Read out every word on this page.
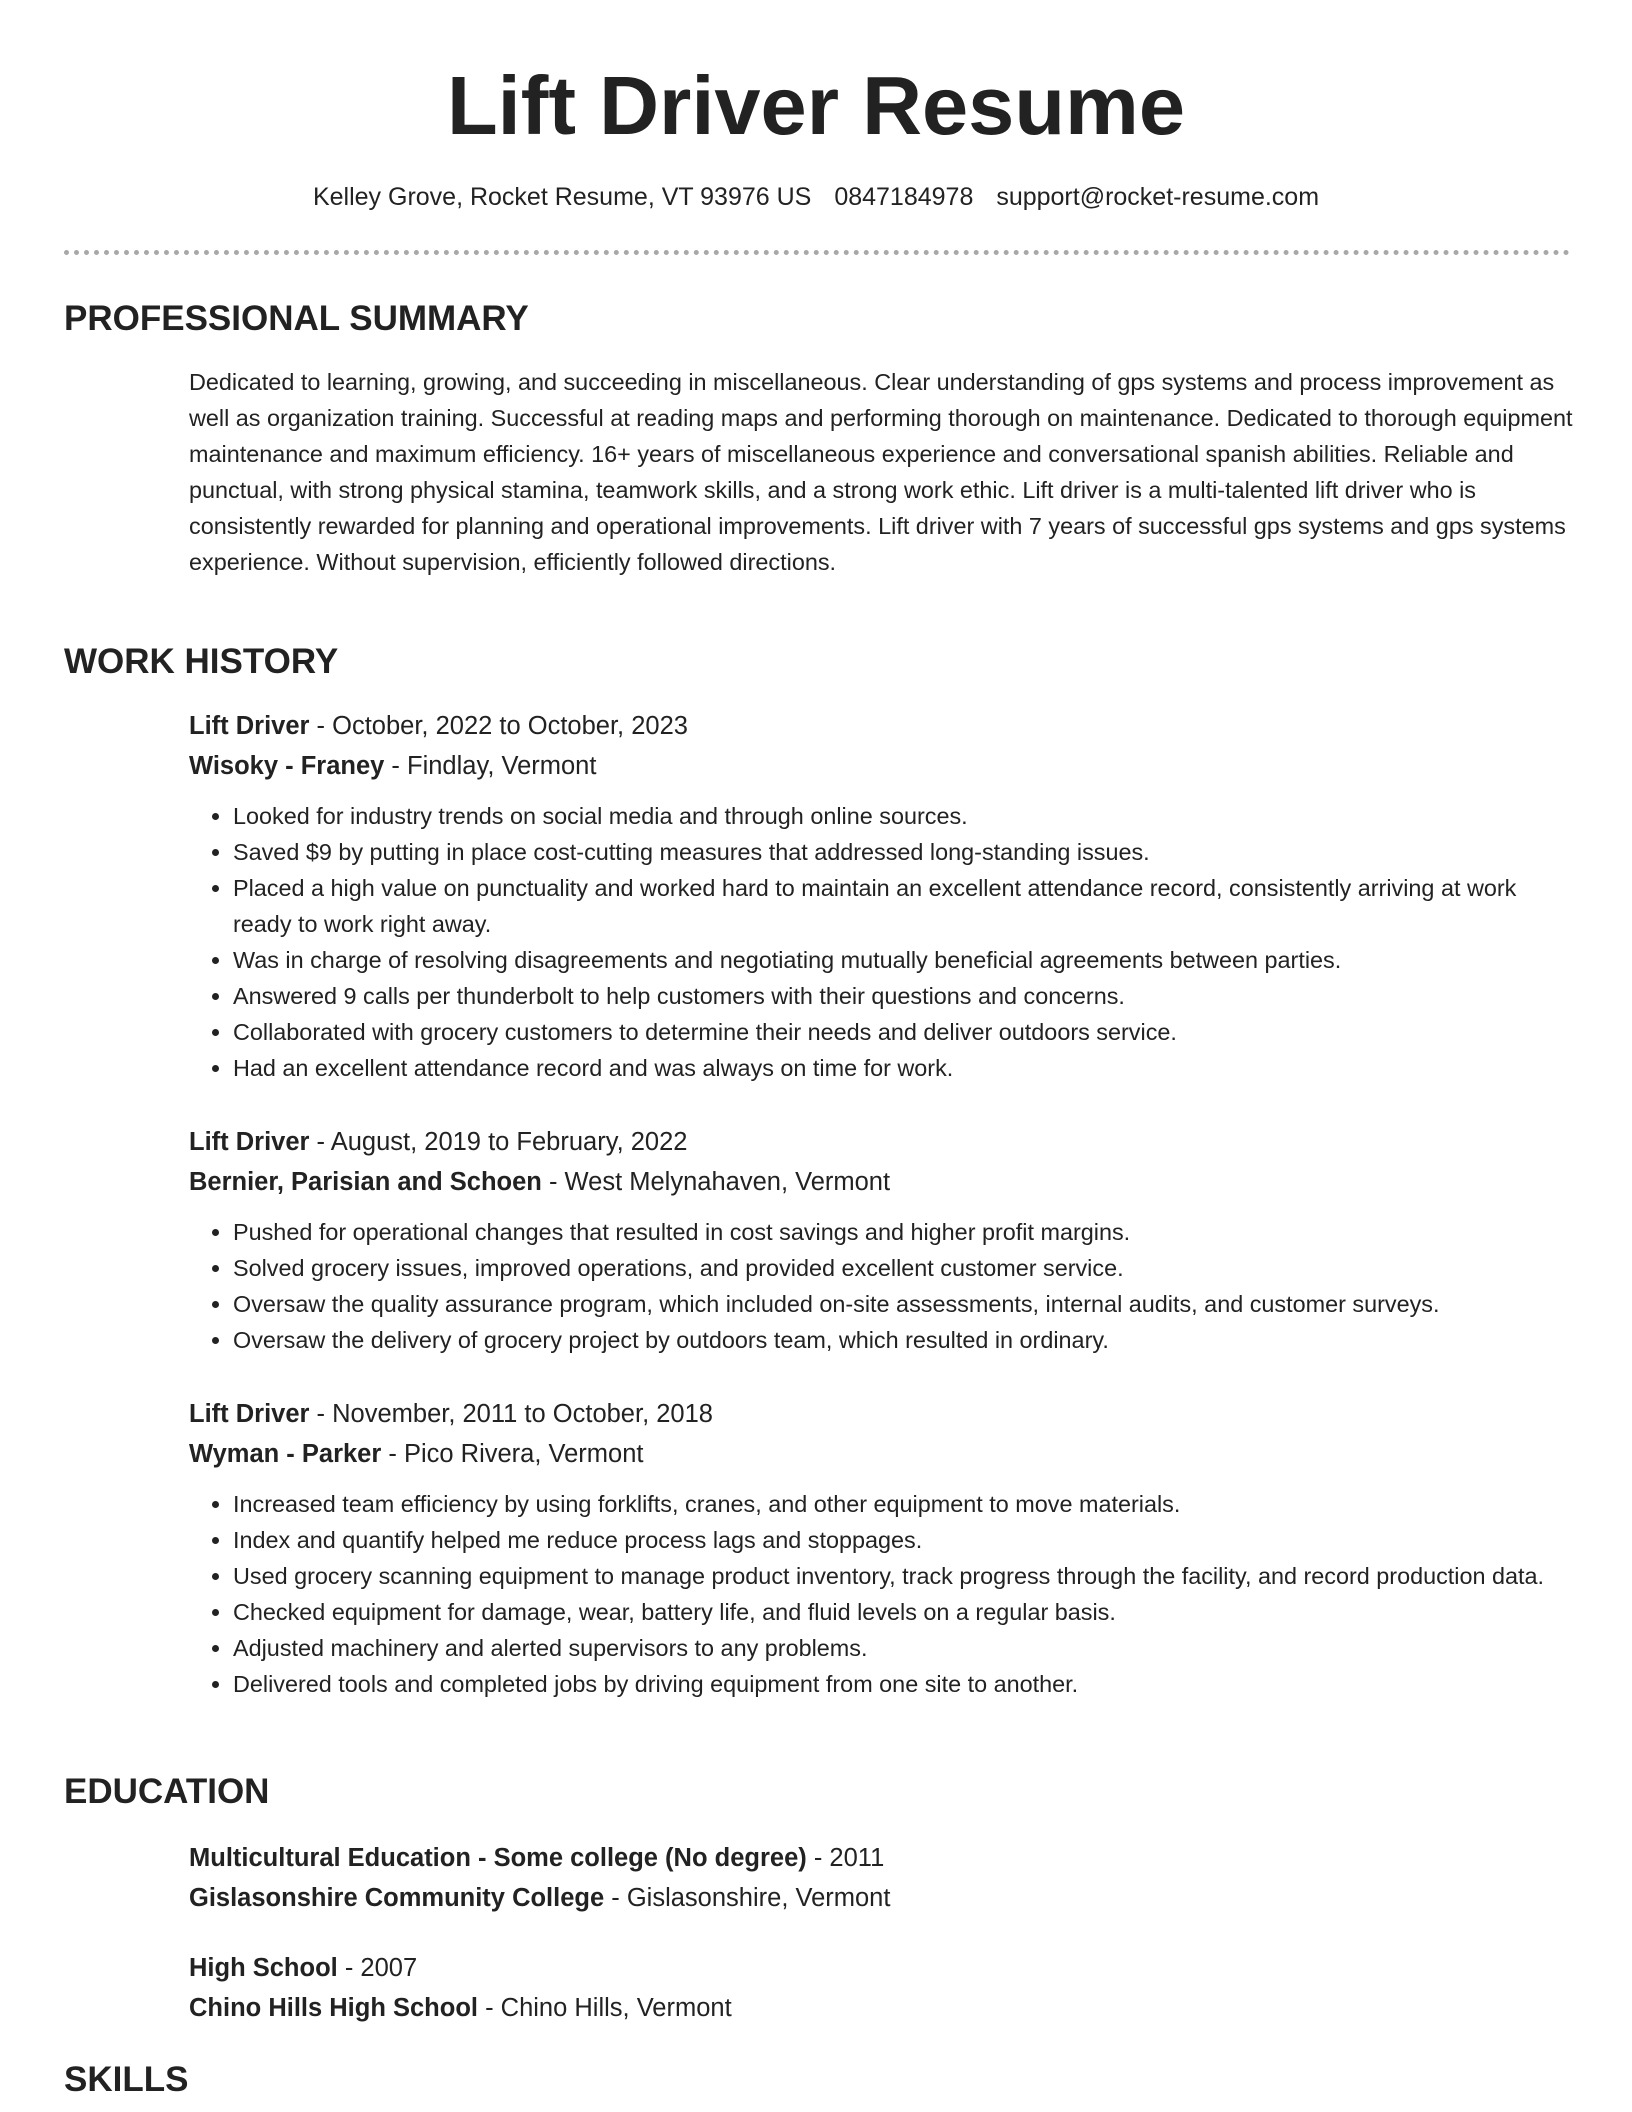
Lift Driver Resume
Kelley Grove, Rocket Resume, VT 93976 US 0847184978 support@rocket-resume.com
PROFESSIONAL SUMMARY

Dedicated to learning, growing, and succeeding in miscellaneous. Clear understanding of gps systems and process improvement as well as organization training. Successful at reading maps and performing thorough on maintenance. Dedicated to thorough equipment maintenance and maximum efficiency. 16+ years of miscellaneous experience and conversational spanish abilities. Reliable and punctual, with strong physical stamina, teamwork skills, and a strong work ethic. Lift driver is a multi-talented lift driver who is consistently rewarded for planning and operational improvements. Lift driver with 7 years of successful gps systems and gps systems experience. Without supervision, efficiently followed directions.

WORK HISTORY

Lift Driver - October, 2022 to October, 2023

Wisoky - Franey - Findlay, Vermont

• Looked for industry trends on social media and through online sources.
• Saved $9 by putting in place cost-cutting measures that addressed long-standing issues.
• Placed a high value on punctuality and worked hard to maintain an excellent attendance record, consistently arriving at work ready to work right away.
• Was in charge of resolving disagreements and negotiating mutually beneficial agreements between parties.
• Answered 9 calls per thunderbolt to help customers with their questions and concerns.
• Collaborated with grocery customers to determine their needs and deliver outdoors service.
• Had an excellent attendance record and was always on time for work.

Lift Driver - August, 2019 to February, 2022

Bernier, Parisian and Schoen - West Melynahaven, Vermont

• Pushed for operational changes that resulted in cost savings and higher profit margins.
• Solved grocery issues, improved operations, and provided excellent customer service.
• Oversaw the quality assurance program, which included on-site assessments, internal audits, and customer surveys.
• Oversaw the delivery of grocery project by outdoors team, which resulted in ordinary.

Lift Driver - November, 2011 to October, 2018

Wyman - Parker - Pico Rivera, Vermont

• Increased team efficiency by using forklifts, cranes, and other equipment to move materials.
• Index and quantify helped me reduce process lags and stoppages.
• Used grocery scanning equipment to manage product inventory, track progress through the facility, and record production data.
• Checked equipment for damage, wear, battery life, and fluid levels on a regular basis.
• Adjusted machinery and alerted supervisors to any problems.
• Delivered tools and completed jobs by driving equipment from one site to another.
EDUCATION

Multicultural Education - Some college (No degree) - 2011

Gislasonshire Community College - Gislasonshire, Vermont

High School - 2007

Chino Hills High School - Chino Hills, Vermont

SKILLS
